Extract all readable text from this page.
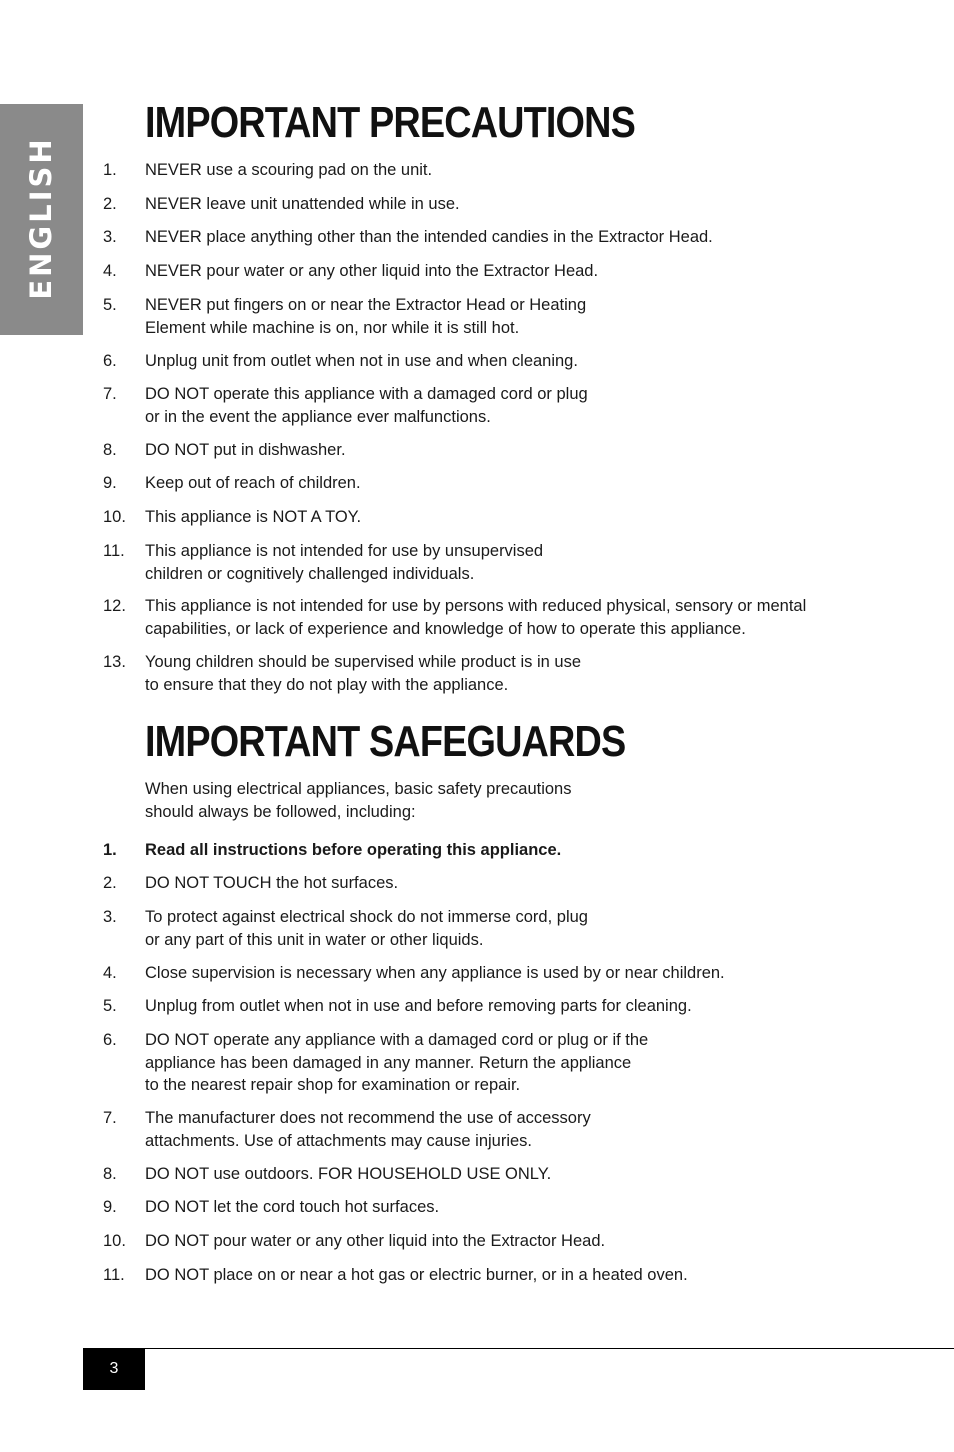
ENGLISH
IMPORTANT PRECAUTIONS
1. NEVER use a scouring pad on the unit.
2. NEVER leave unit unattended while in use.
3. NEVER place anything other than the intended candies in the Extractor Head.
4. NEVER pour water or any other liquid into the Extractor Head.
5. NEVER put fingers on or near the Extractor Head or Heating
Element while machine is on, nor while it is still hot.
6. Unplug unit from outlet when not in use and when cleaning.
7. DO NOT operate this appliance with a damaged cord or plug
or in the event the appliance ever malfunctions.
8. DO NOT put in dishwasher.
9. Keep out of reach of children.
10. This appliance is NOT A TOY.
11. This appliance is not intended for use by unsupervised
children or cognitively challenged individuals.
12. This appliance is not intended for use by persons with reduced physical, sensory or mental
capabilities, or lack of experience and knowledge of how to operate this appliance.
13. Young children should be supervised while product is in use
to ensure that they do not play with the appliance.
IMPORTANT SAFEGUARDS

When using electrical appliances, basic safety precautions
should always be followed, including:

1. Read all instructions before operating this appliance.
2. DO NOT TOUCH the hot surfaces.
3. To protect against electrical shock do not immerse cord, plug
or any part of this unit in water or other liquids.
4. Close supervision is necessary when any appliance is used by or near children.
5. Unplug from outlet when not in use and before removing parts for cleaning.
6. DO NOT operate any appliance with a damaged cord or plug or if the
appliance has been damaged in any manner. Return the appliance
to the nearest repair shop for examination or repair.
7. The manufacturer does not recommend the use of accessory
attachments. Use of attachments may cause injuries.
8. DO NOT use outdoors. FOR HOUSEHOLD USE ONLY.
9. DO NOT let the cord touch hot surfaces.
10. DO NOT pour water or any other liquid into the Extractor Head.
11. DO NOT place on or near a hot gas or electric burner, or in a heated oven.
3
